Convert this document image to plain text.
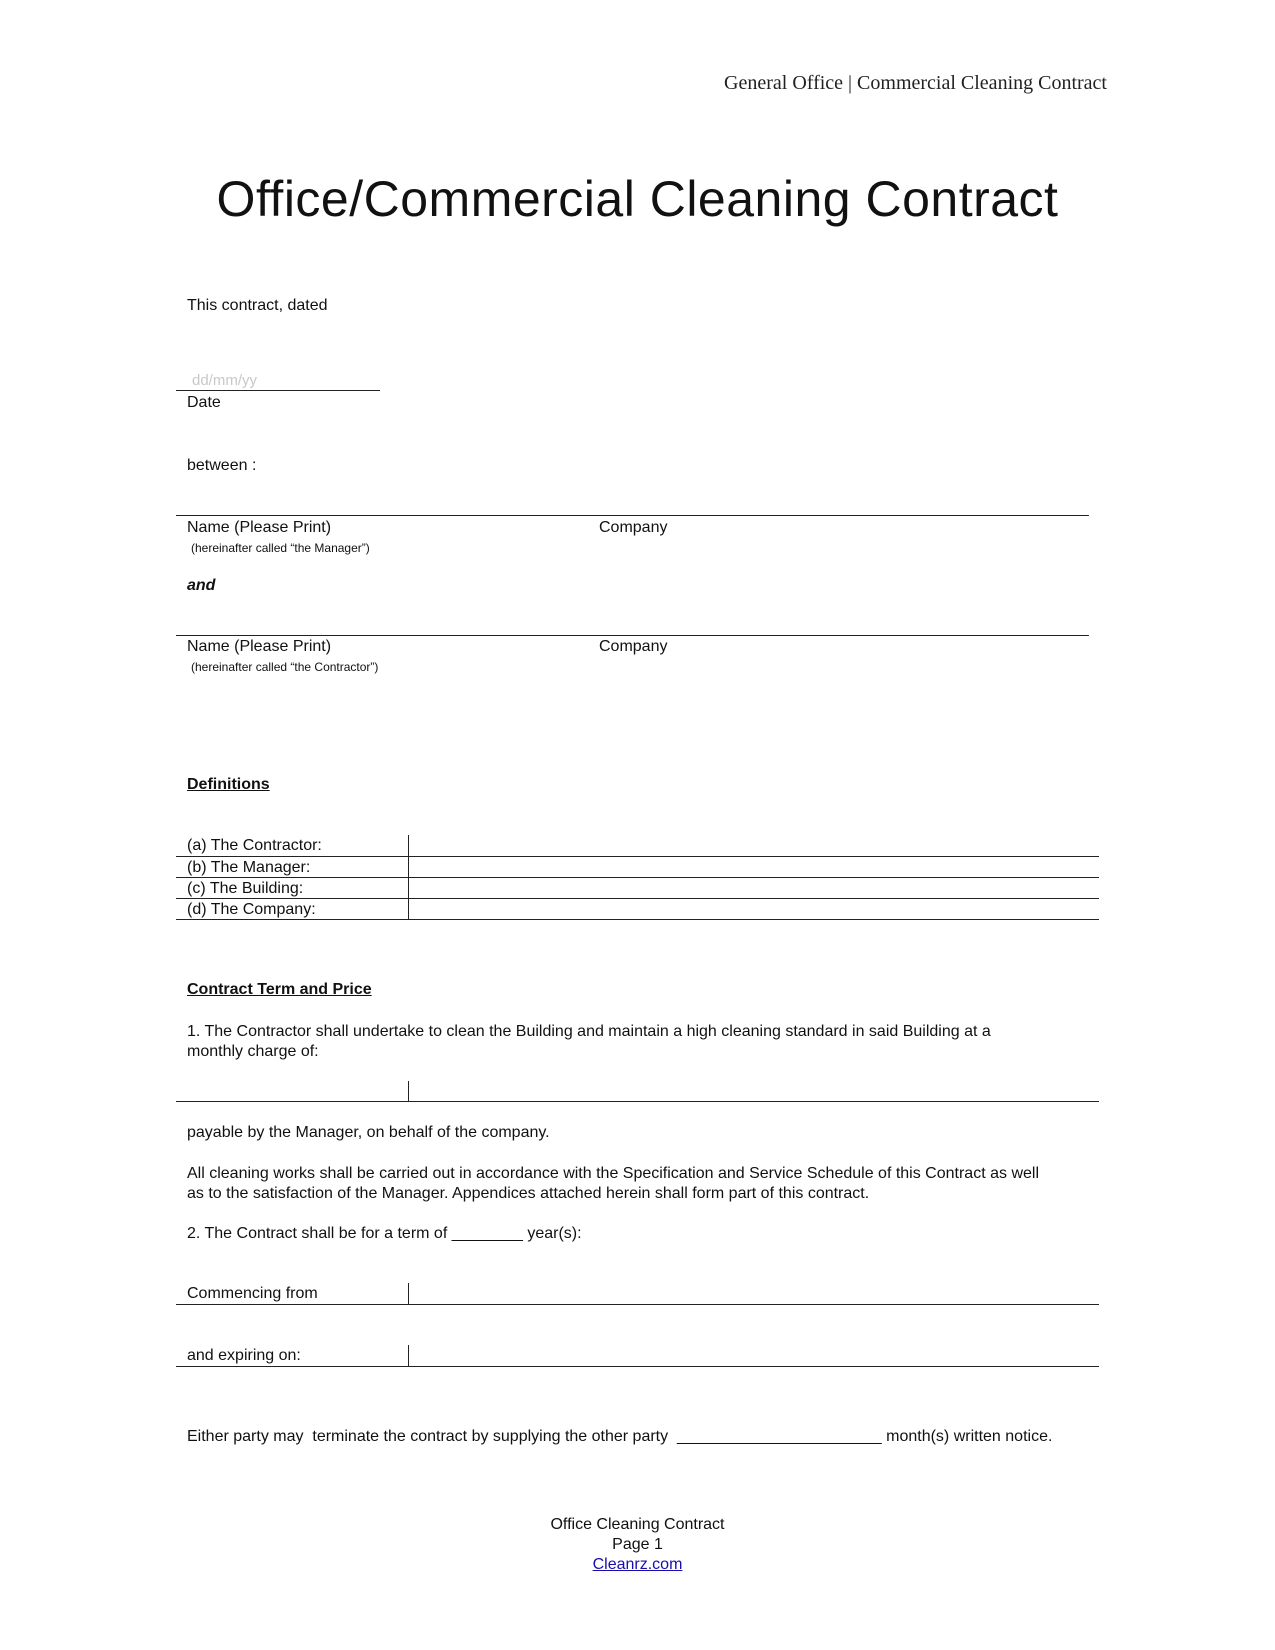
General Office | Commercial Cleaning Contract
Office/Commercial Cleaning Contract
This contract, dated
dd/mm/yy
Date
between :
Name (Please Print)	Company
(hereinafter called “the Manager”)
and
Name (Please Print)	Company
(hereinafter called “the Contractor”)
Definitions
(a) The Contractor:
(b) The Manager:
(c) The Building:
(d) The Company:
Contract Term and Price
1. The Contractor shall undertake to clean the Building and maintain a high cleaning standard in said Building at a
monthly charge of:
payable by the Manager, on behalf of the company.
All cleaning works shall be carried out in accordance with the Specification and Service Schedule of this Contract as well
as to the satisfaction of the Manager. Appendices attached herein shall form part of this contract.
2. The Contract shall be for a term of ________ year(s):
Commencing from
and expiring on:
Either party may  terminate the contract by supplying the other party  _______________________ month(s) written notice.
Office Cleaning Contract
Page 1
Cleanrz.com
